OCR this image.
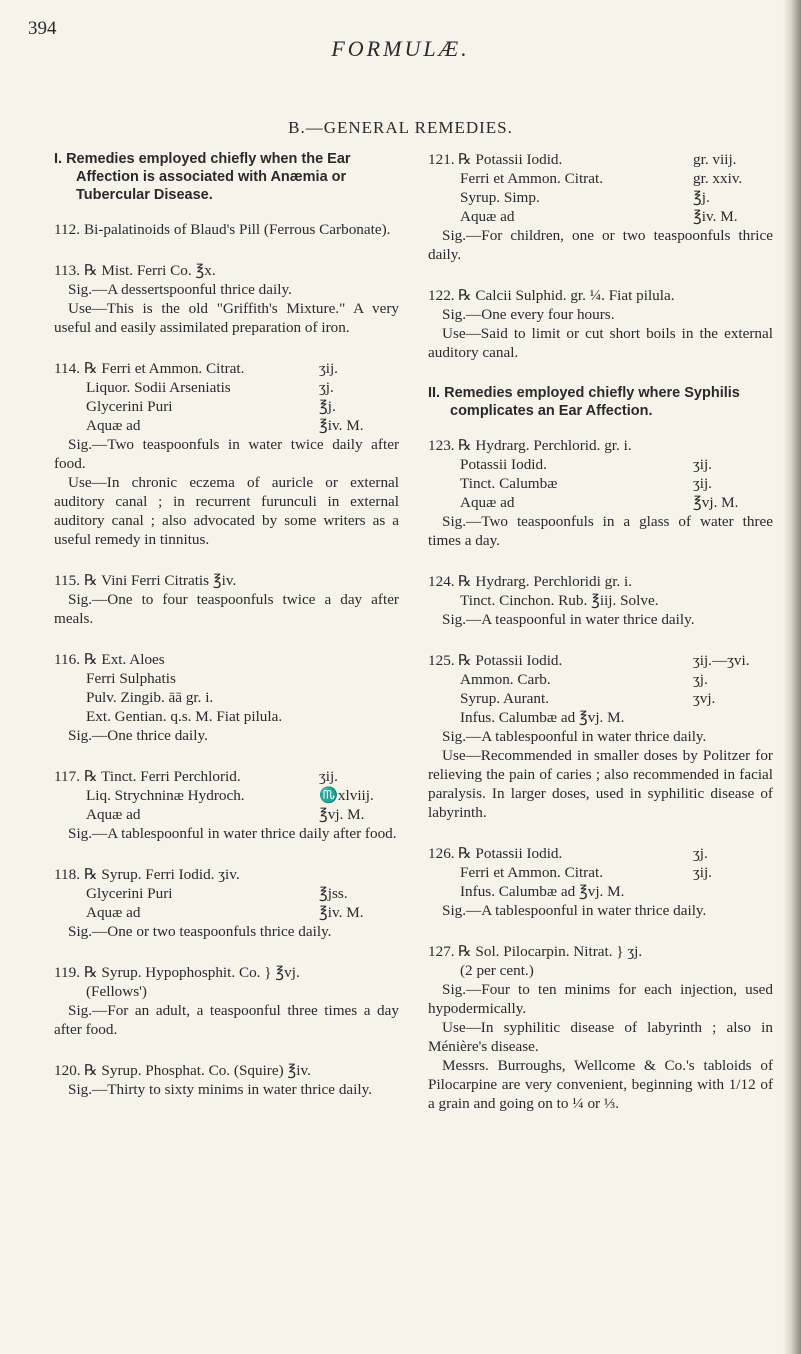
394
FORMULÆ.
B.—GENERAL REMEDIES.
I. Remedies employed chiefly when the Ear Affection is associated with Anæmia or Tubercular Disease.
112. Bi-palatinoids of Blaud's Pill (Ferrous Carbonate).
113. ℞ Mist. Ferri Co. ℥x.
Sig.—A dessertspoonful thrice daily.
Use—This is the old "Griffith's Mixture." A very useful and easily assimilated preparation of iron.
114. ℞ Ferri et Ammon. Citrat.	ʒij.
Liquor. Sodii Arseniatis	ʒj.
Glycerini Puri	℥j.
Aquæ ad	℥iv. M.
Sig.—Two teaspoonfuls in water twice daily after food.
Use—In chronic eczema of auricle or external auditory canal ; in recurrent furunculi in external auditory canal ; also advocated by some writers as a useful remedy in tinnitus.
115. ℞ Vini Ferri Citratis ℥iv.
Sig.—One to four teaspoonfuls twice a day after meals.
116. ℞ Ext. Aloes
Ferri Sulphatis
Pulv. Zingib. āā gr. i.
Ext. Gentian. q.s. M. Fiat pilula.
Sig.—One thrice daily.
117. ℞ Tinct. Ferri Perchlorid.	ʒij.
Liq. Strychninæ Hydroch.	♏xlviij.
Aquæ ad	℥vj. M.
Sig.—A tablespoonful in water thrice daily after food.
118. ℞ Syrup. Ferri Iodid. ʒiv.
Glycerini Puri	℥jss.
Aquæ ad	℥iv. M.
Sig.—One or two teaspoonfuls thrice daily.
119. ℞ Syrup. Hypophosphit. Co. } ℥vj.
(Fellows')
Sig.—For an adult, a teaspoonful three times a day after food.
120. ℞ Syrup. Phosphat. Co. (Squire) ℥iv.
Sig.—Thirty to sixty minims in water thrice daily.
121. ℞ Potassii Iodid.	gr. viij.
Ferri et Ammon. Citrat.	gr. xxiv.
Syrup. Simp.	℥j.
Aquæ ad	℥iv. M.
Sig.—For children, one or two teaspoonfuls thrice daily.
122. ℞ Calcii Sulphid. gr. ¼. Fiat pilula.
Sig.—One every four hours.
Use—Said to limit or cut short boils in the external auditory canal.
II. Remedies employed chiefly where Syphilis complicates an Ear Affection.
123. ℞ Hydrarg. Perchlorid. gr. i.
Potassii Iodid.	ʒij.
Tinct. Calumbæ	ʒij.
Aquæ ad	℥vj. M.
Sig.—Two teaspoonfuls in a glass of water three times a day.
124. ℞ Hydrarg. Perchloridi gr. i.
Tinct. Cinchon. Rub. ℥iij. Solve.
Sig.—A teaspoonful in water thrice daily.
125. ℞ Potassii Iodid.	ʒij.—ʒvi.
Ammon. Carb.	ʒj.
Syrup. Aurant.	ʒvj.
Infus. Calumbæ ad ℥vj. M.
Sig.—A tablespoonful in water thrice daily.
Use—Recommended in smaller doses by Politzer for relieving the pain of caries ; also recommended in facial paralysis. In larger doses, used in syphilitic disease of labyrinth.
126. ℞ Potassii Iodid.	ʒj.
Ferri et Ammon. Citrat.	ʒij.
Infus. Calumbæ ad ℥vj. M.
Sig.—A tablespoonful in water thrice daily.
127. ℞ Sol. Pilocarpin. Nitrat. } ʒj.
(2 per cent.)
Sig.—Four to ten minims for each injection, used hypodermically.
Use—In syphilitic disease of labyrinth ; also in Ménière's disease.
Messrs. Burroughs, Wellcome & Co.'s tabloids of Pilocarpine are very convenient, beginning with 1/12 of a grain and going on to ¼ or ⅓.
